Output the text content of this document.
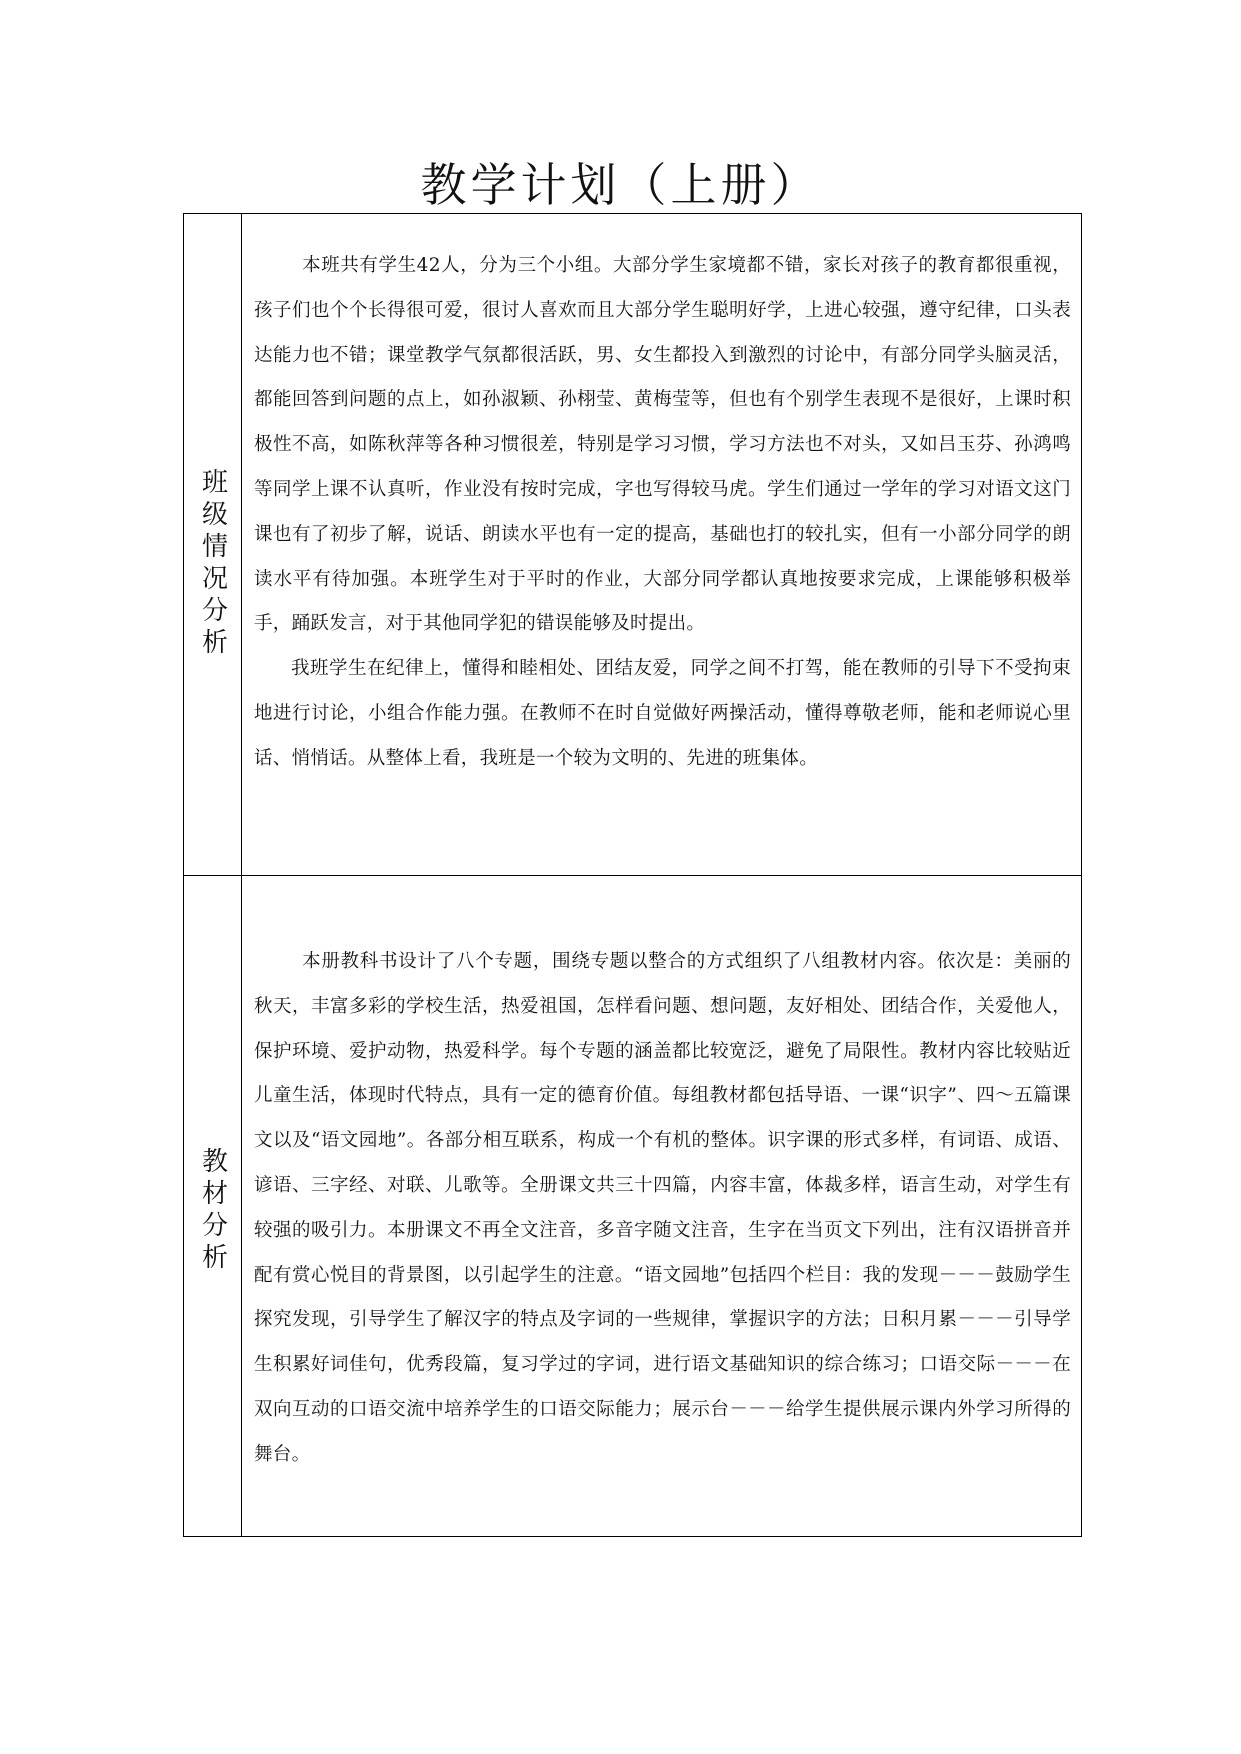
教学计划（上册）
班级情况分析

本班共有学生42人，分为三个小组。大部分学生家境都不错，家长对孩子的教育都很重视，孩子们也个个长得很可爱，很讨人喜欢而且大部分学生聪明好学，上进心较强，遵守纪律，口头表达能力也不错；课堂教学气氛都很活跃，男、女生都投入到激烈的讨论中，有部分同学头脑灵活，都能回答到问题的点上，如孙淑颖、孙栩莹、黄梅莹等，但也有个别学生表现不是很好，上课时积极性不高，如陈秋萍等各种习惯很差，特别是学习习惯，学习方法也不对头，又如吕玉芬、孙鸿鸣等同学上课不认真听，作业没有按时完成，字也写得较马虎。学生们通过一学年的学习对语文这门课也有了初步了解，说话、朗读水平也有一定的提高，基础也打的较扎实，但有一小部分同学的朗读水平有待加强。本班学生对于平时的作业，大部分同学都认真地按要求完成，上课能够积极举手，踊跃发言，对于其他同学犯的错误能够及时提出。

我班学生在纪律上，懂得和睦相处、团结友爱，同学之间不打驾，能在教师的引导下不受拘束地进行讨论，小组合作能力强。在教师不在时自觉做好两操活动，懂得尊敬老师，能和老师说心里话、悄悄话。从整体上看，我班是一个较为文明的、先进的班集体。

教材分析

本册教科书设计了八个专题，围绕专题以整合的方式组织了八组教材内容。依次是：美丽的秋天，丰富多彩的学校生活，热爱祖国，怎样看问题、想问题，友好相处、团结合作，关爱他人，保护环境、爱护动物，热爱科学。每个专题的涵盖都比较宽泛，避免了局限性。教材内容比较贴近儿童生活，体现时代特点，具有一定的德育价值。每组教材都包括导语、一课“识字”、四～五篇课文以及“语文园地”。各部分相互联系，构成一个有机的整体。识字课的形式多样，有词语、成语、谚语、三字经、对联、儿歌等。全册课文共三十四篇，内容丰富，体裁多样，语言生动，对学生有较强的吸引力。本册课文不再全文注音，多音字随文注音，生字在当页文下列出，注有汉语拼音并配有赏心悦目的背景图，以引起学生的注意。“语文园地”包括四个栏目：我的发现－－－鼓励学生探究发现，引导学生了解汉字的特点及字词的一些规律，掌握识字的方法；日积月累－－－引导学生积累好词佳句，优秀段篇，复习学过的字词，进行语文基础知识的综合练习；口语交际－－－在双向互动的口语交流中培养学生的口语交际能力；展示台－－－给学生提供展示课内外学习所得的舞台。
